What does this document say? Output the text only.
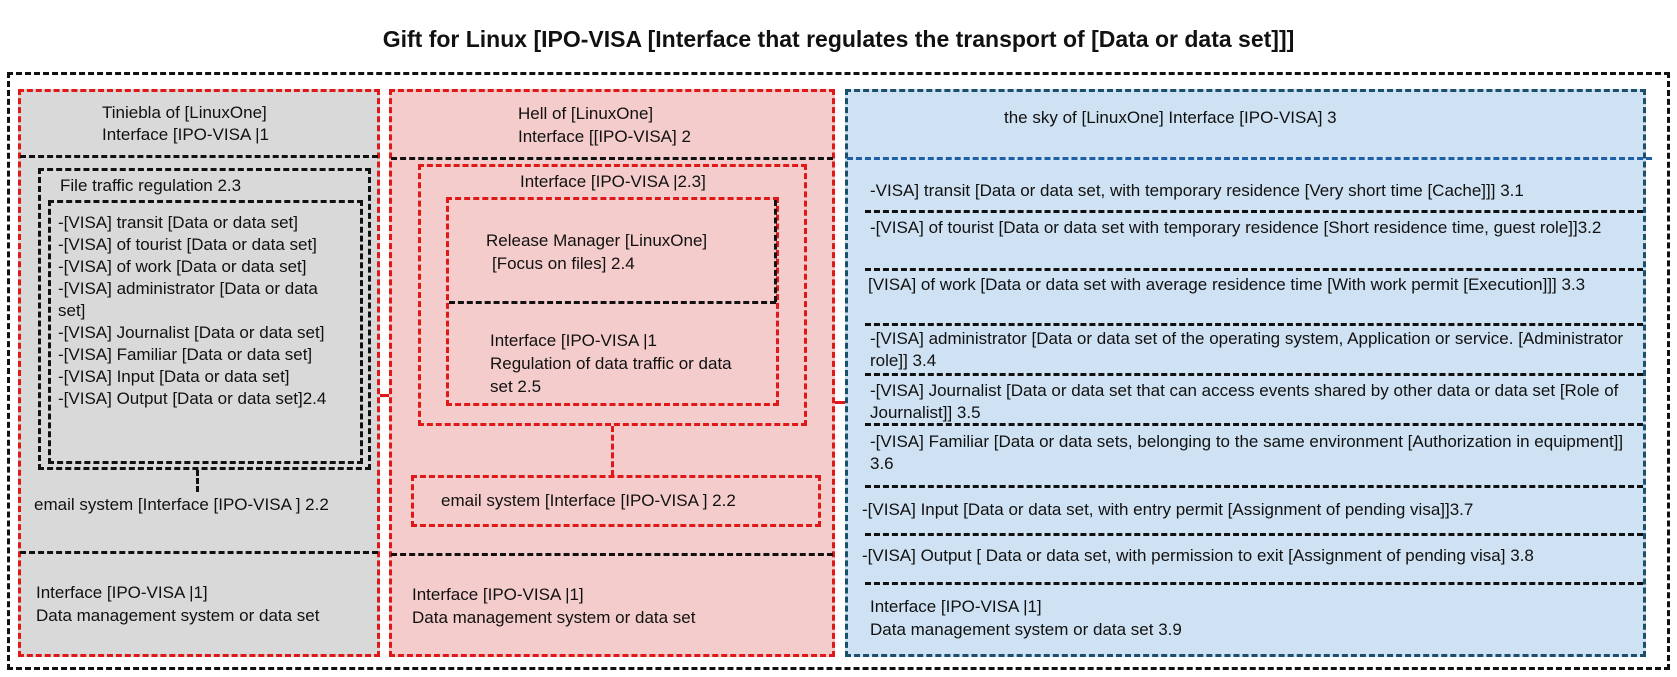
Gift for Linux [IPO-VISA [Interface that regulates the transport of [Data or data set]]]
Tiniebla of [LinuxOne]
Interface [IPO-VISA |1
File traffic regulation 2.3
-[VISA] transit [Data or data set]
-[VISA] of tourist [Data or data set]
-[VISA] of work [Data or data set]
-[VISA] administrator [Data or data
set]
-[VISA] Journalist [Data or data set]
-[VISA] Familiar [Data or data set]
-[VISA] Input [Data or data set]
-[VISA] Output [Data or data set]2.4
email system [Interface [IPO-VISA ] 2.2
Interface [IPO-VISA |1]
Data management system or data set
Hell of [LinuxOne]
Interface [[IPO-VISA] 2
Interface [IPO-VISA |2.3]
Release Manager [LinuxOne]
[Focus on files] 2.4
Interface [IPO-VISA |1
Regulation of data traffic or data
set 2.5
email system [Interface [IPO-VISA ] 2.2
Interface [IPO-VISA |1]
Data management system or data set
the sky of [LinuxOne] Interface [IPO-VISA] 3
-VISA] transit [Data or data set, with temporary residence [Very short time [Cache]]] 3.1
-[VISA] of tourist [Data or data set with temporary residence [Short residence time, guest role]]3.2
[VISA] of work [Data or data set with average residence time [With work permit [Execution]]] 3.3
-[VISA] administrator [Data or data set of the operating system, Application or service. [Administrator role]] 3.4
-[VISA] Journalist [Data or data set that can access events shared by other data or data set [Role of Journalist]] 3.5
-[VISA] Familiar [Data or data sets, belonging to the same environment [Authorization in equipment]] 3.6
-[VISA] Input [Data or data set, with entry permit [Assignment of pending visa]]3.7
-[VISA] Output [ Data or data set, with permission to exit [Assignment of pending visa] 3.8
Interface [IPO-VISA |1]
Data management system or data set 3.9
